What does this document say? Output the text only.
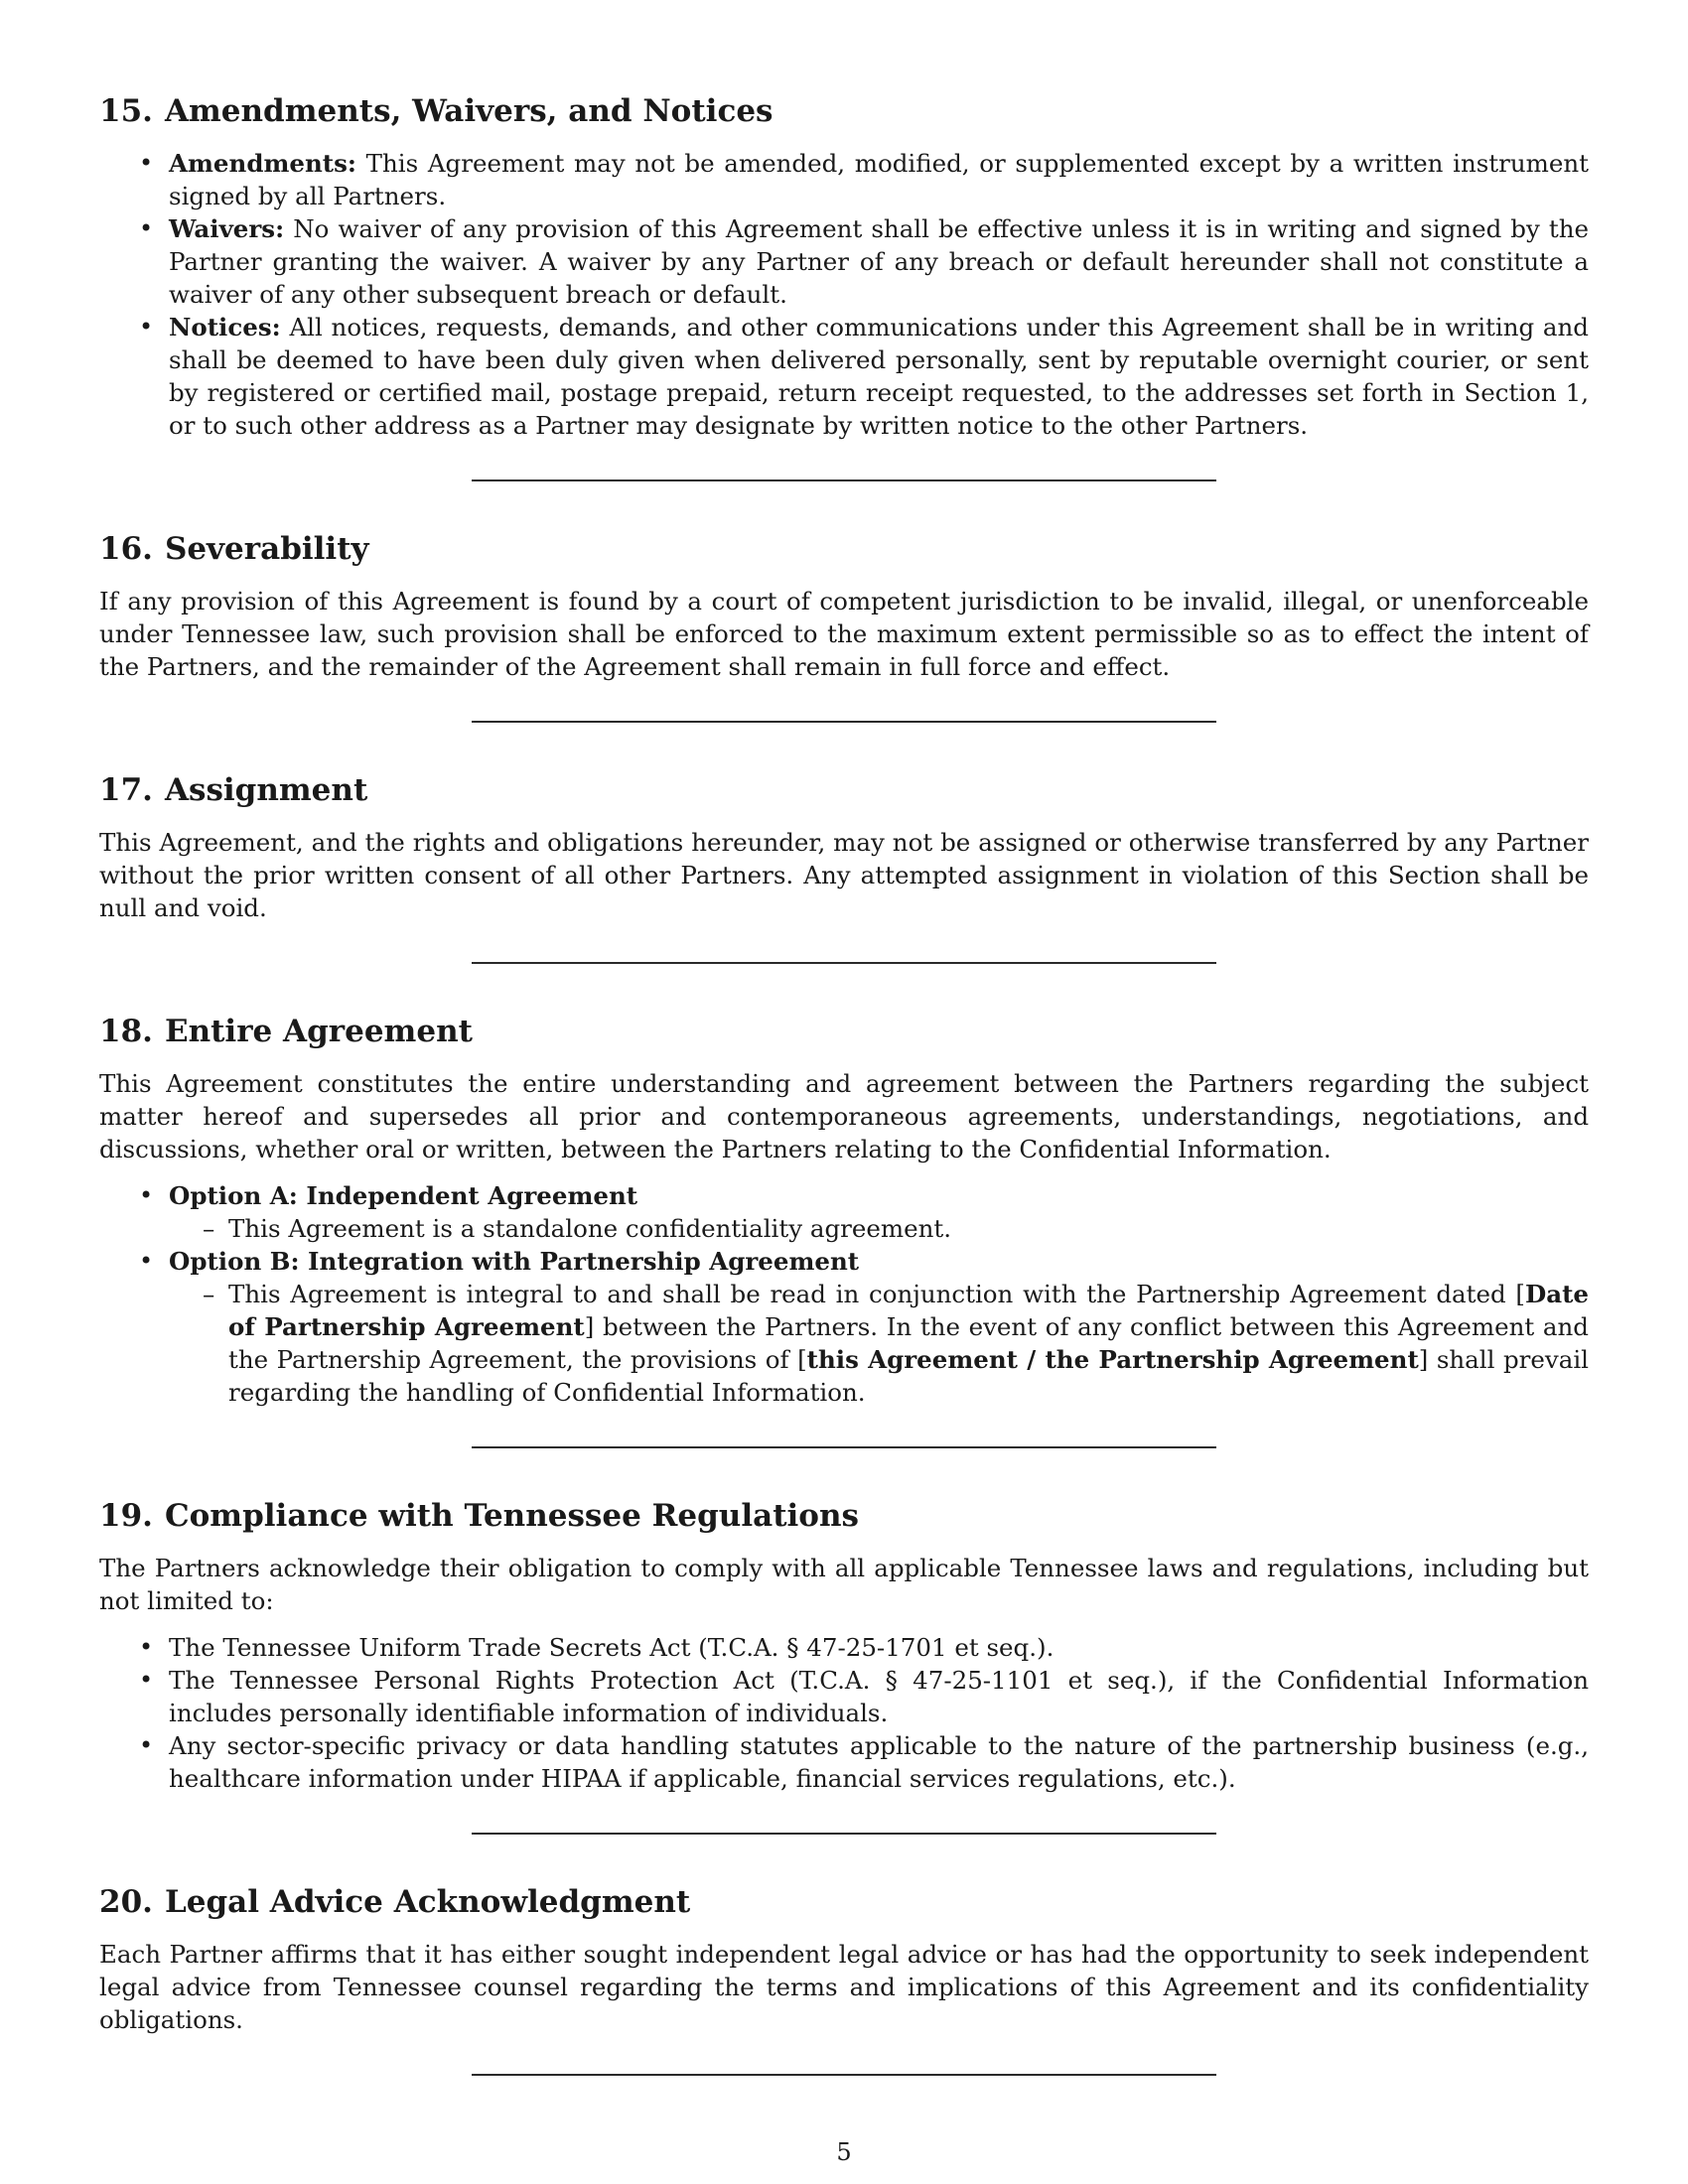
15. Amendments, Waivers, and Notices
• Amendments: This Agreement may not be amended, modified, or supplemented except by a written instrument signed by all Partners.
• Waivers: No waiver of any provision of this Agreement shall be effective unless it is in writing and signed by the Partner granting the waiver. A waiver by any Partner of any breach or default hereunder shall not constitute a waiver of any other subsequent breach or default.
• Notices: All notices, requests, demands, and other communications under this Agreement shall be in writing and shall be deemed to have been duly given when delivered personally, sent by reputable overnight courier, or sent by registered or certified mail, postage prepaid, return receipt requested, to the addresses set forth in Section 1, or to such other address as a Partner may designate by written notice to the other Partners.
16. Severability

If any provision of this Agreement is found by a court of competent jurisdiction to be invalid, illegal, or unenforceable under Tennessee law, such provision shall be enforced to the maximum extent permissible so as to effect the intent of the Partners, and the remainder of the Agreement shall remain in full force and effect.

17. Assignment

This Agreement, and the rights and obligations hereunder, may not be assigned or otherwise transferred by any Partner without the prior written consent of all other Partners. Any attempted assignment in violation of this Section shall be null and void.

18. Entire Agreement

This Agreement constitutes the entire understanding and agreement between the Partners regarding the subject matter hereof and supersedes all prior and contemporaneous agreements, understandings, negotiations, and discussions, whether oral or written, between the Partners relating to the Confidential Information.

• Option A: Independent Agreement
– This Agreement is a standalone confidentiality agreement.
• Option B: Integration with Partnership Agreement
– This Agreement is integral to and shall be read in conjunction with the Partnership Agreement dated [Date of Partnership Agreement] between the Partners. In the event of any conflict between this Agreement and the Partnership Agreement, the provisions of [this Agreement / the Partnership Agreement] shall prevail regarding the handling of Confidential Information.
19. Compliance with Tennessee Regulations

The Partners acknowledge their obligation to comply with all applicable Tennessee laws and regulations, including but not limited to:

• The Tennessee Uniform Trade Secrets Act (T.C.A. § 47-25-1701 et seq.).
• The Tennessee Personal Rights Protection Act (T.C.A. § 47-25-1101 et seq.), if the Confidential Information includes personally identifiable information of individuals.
• Any sector-specific privacy or data handling statutes applicable to the nature of the partnership business (e.g., healthcare information under HIPAA if applicable, financial services regulations, etc.).
20. Legal Advice Acknowledgment

Each Partner affirms that it has either sought independent legal advice or has had the opportunity to seek independent legal advice from Tennessee counsel regarding the terms and implications of this Agreement and its confidentiality obligations.

5
